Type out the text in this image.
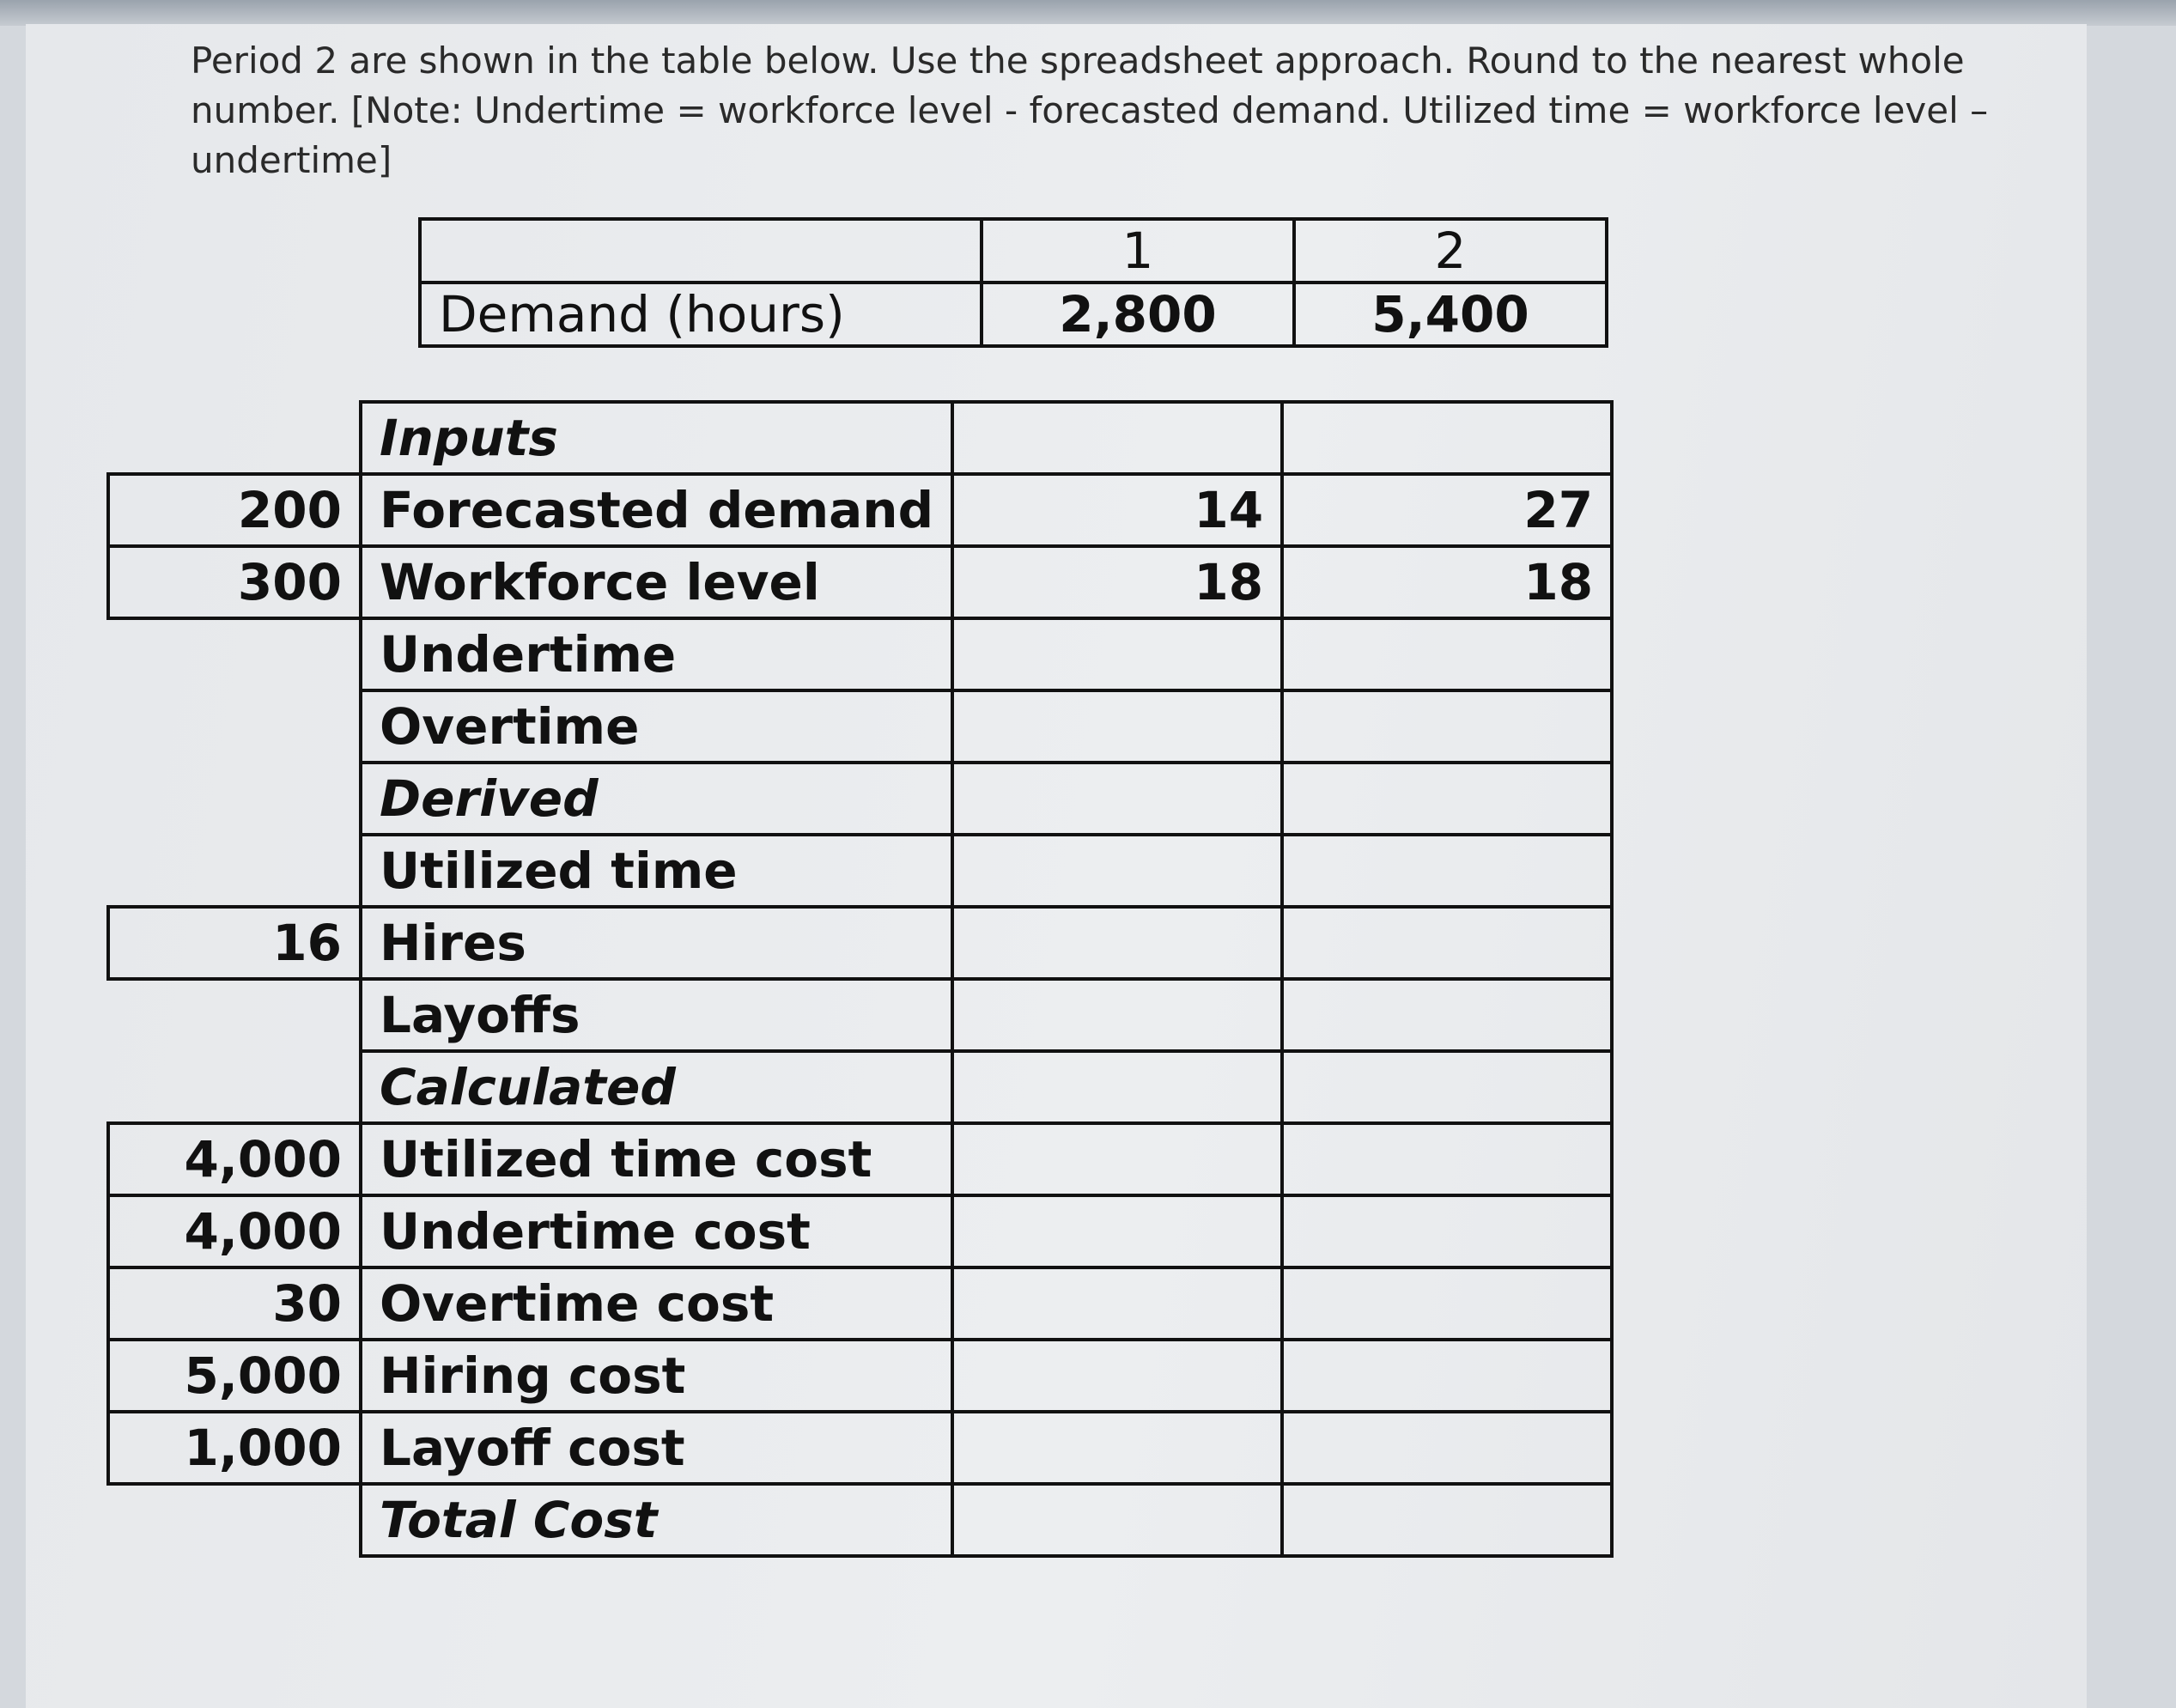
Period 2 are shown in the table below. Use the spreadsheet approach. Round to the nearest whole number. [Note: Undertime = workforce level - forecasted demand. Utilized time = workforce level – undertime]

	1	2
Demand (hours)	2,800	5,400
	Inputs		
200	Forecasted demand	14	27
300	Workforce level	18	18
	Undertime		
	Overtime		
	Derived		
	Utilized time		
16	Hires		
	Layoffs		
	Calculated		
4,000	Utilized time cost		
4,000	Undertime cost		
30	Overtime cost		
5,000	Hiring cost		
1,000	Layoff cost		
	Total Cost		
